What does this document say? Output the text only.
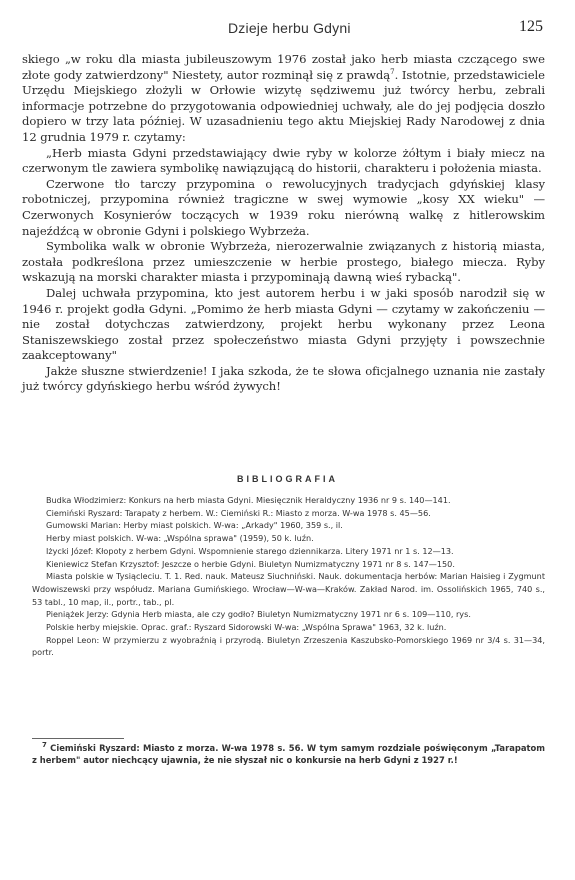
Dzieje herbu Gdyni	125

skiego „w roku dla miasta jubileuszowym 1976 został jako herb miasta czczącego swe złote gody zatwierdzony" Niestety, autor rozminął się z prawdą$^7$. Istotnie, przedstawiciele Urzędu Miejskiego złożyli w Orłowie wizytę sędziwemu już twórcy herbu, zebrali informacje potrzebne do przygotowania odpowiedniej uchwały, ale do jej podjęcia doszło dopiero w trzy lata później. W uzasadnieniu tego aktu Miejskiej Rady Narodowej z dnia 12 grudnia 1979 r. czytamy:

„Herb miasta Gdyni przedstawiający dwie ryby w kolorze żółtym i biały miecz na czerwonym tle zawiera symbolikę nawiązującą do historii, charakteru i położenia miasta.

Czerwone tło tarczy przypomina o rewolucyjnych tradycjach gdyńskiej klasy robotniczej, przypomina również tragiczne w swej wymowie „kosy XX wieku" — Czerwonych Kosynierów toczących w 1939 roku nierówną walkę z hitlerowskim najeźdźcą w obronie Gdyni i polskiego Wybrzeża.

Symbolika walk w obronie Wybrzeża, nierozerwalnie związanych z historią miasta, została podkreślona przez umieszczenie w herbie prostego, białego miecza. Ryby wskazują na morski charakter miasta i przypominają dawną wieś rybacką".

Dalej uchwała przypomina, kto jest autorem herbu i w jaki sposób narodził się w 1946 r. projekt godła Gdyni. „Pomimo że herb miasta Gdyni — czytamy w zakończeniu — nie został dotychczas zatwierdzony, projekt herbu wykonany przez Leona Staniszewskiego został przez społeczeństwo miasta Gdyni przyjęty i powszechnie zaakceptowany"

Jakże słuszne stwierdzenie! I jaka szkoda, że te słowa oficjalnego uznania nie zastały już twórcy gdyńskiego herbu wśród żywych!

BIBLIOGRAFIA
Budka Włodzimierz: Konkurs na herb miasta Gdyni. Miesięcznik Heraldyczny 1936 nr 9 s. 140—141.
Ciemiński Ryszard: Tarapaty z herbem. W.: Ciemiński R.: Miasto z morza. W-wa 1978 s. 45—56.
Gumowski Marian: Herby miast polskich. W-wa: „Arkady" 1960, 359 s., il.
Herby miast polskich. W-wa: „Wspólna sprawa" (1959), 50 k. luźn.
Iżycki Józef: Kłopoty z herbem Gdyni. Wspomnienie starego dziennikarza. Litery 1971 nr 1 s. 12—13.
Kieniewicz Stefan Krzysztof: Jeszcze o herbie Gdyni. Biuletyn Numizmatyczny 1971 nr 8 s. 147—150.
Miasta polskie w Tysiącleciu. T. 1. Red. nauk. Mateusz Siuchniński. Nauk. dokumentacja herbów: Marian Haisieg i Zygmunt Wdowiszewski przy współudz. Mariana Gumińskiego. Wrocław—W-wa—Kraków. Zakład Narod. im. Ossolińskich 1965, 740 s., 53 tabl., 10 map, il., portr., tab., pl.
Pieniążek Jerzy: Gdynia Herb miasta, ale czy godło? Biuletyn Numizmatyczny 1971 nr 6 s. 109—110, rys.
Polskie herby miejskie. Oprac. graf.: Ryszard Sidorowski W-wa: „Wspólna Sprawa" 1963, 32 k. luźn.
Roppel Leon: W przymierzu z wyobraźnią i przyrodą. Biuletyn Zrzeszenia Kaszubsko-Pomorskiego 1969 nr 3/4 s. 31—34, portr.
$^7$ Ciemiński Ryszard: Miasto z morza. W-wa 1978 s. 56. W tym samym rozdziale poświęconym „Tarapatom z herbem" autor niechcący ujawnia, że nie słyszał nic o konkursie na herb Gdyni z 1927 r.!
